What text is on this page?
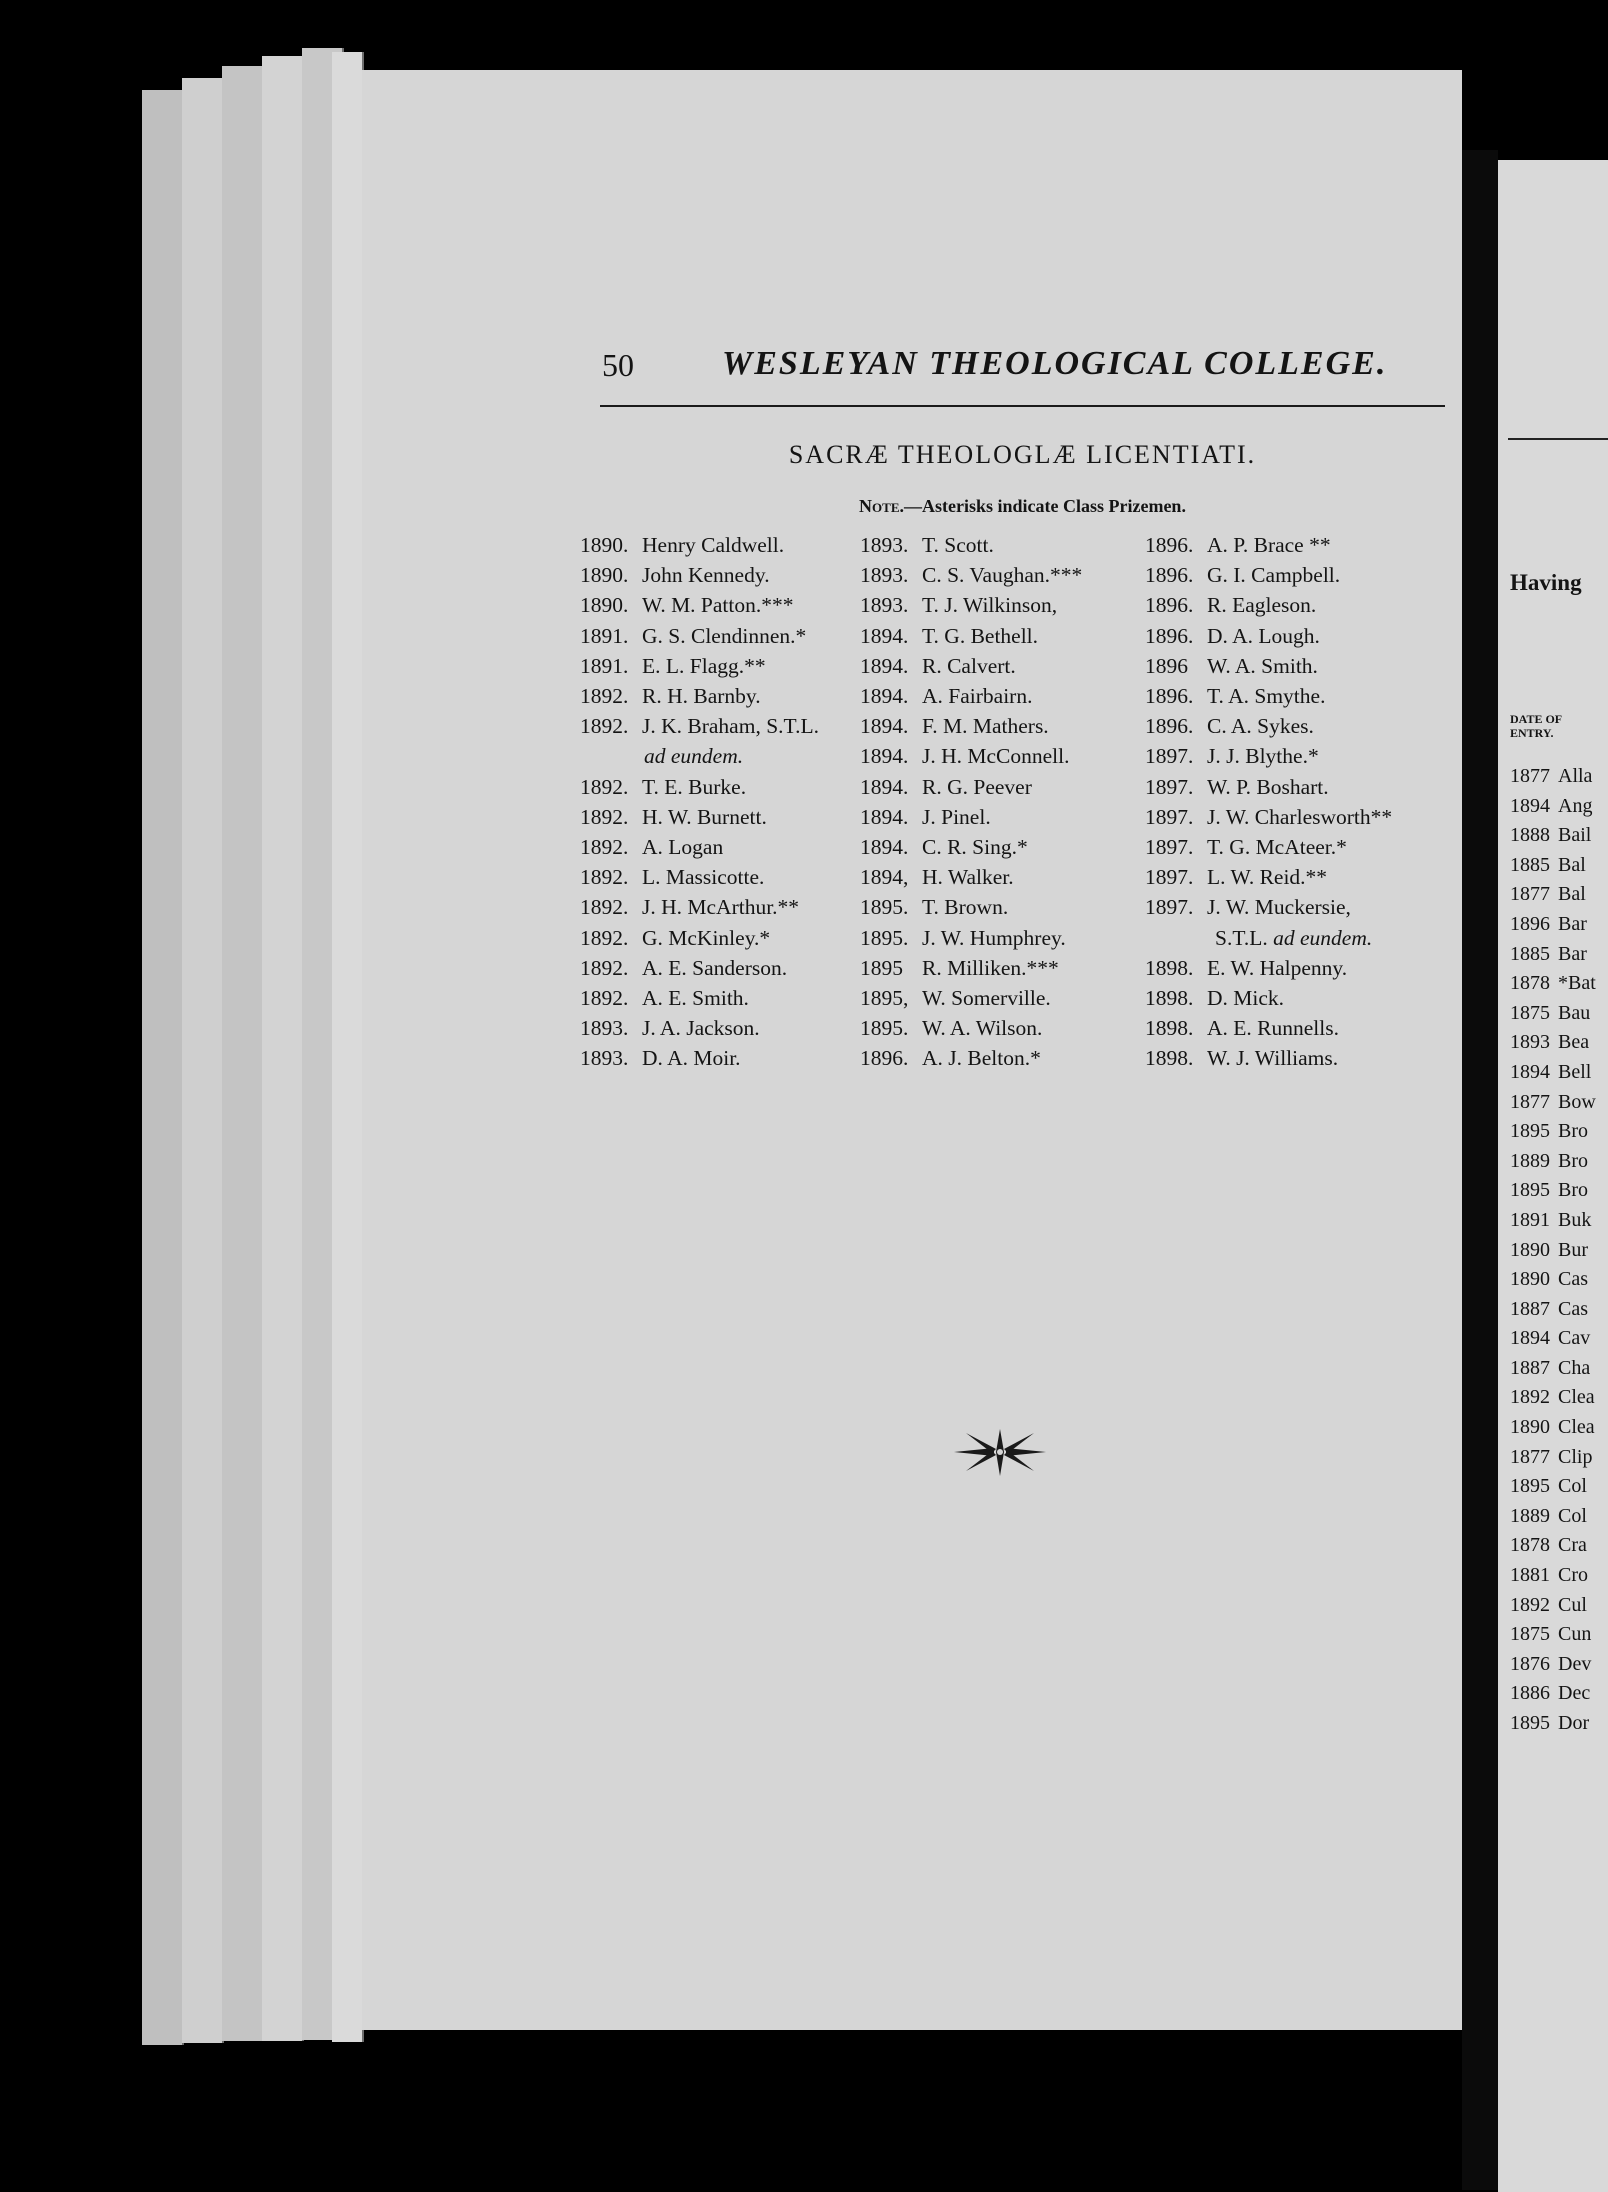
50	WESLEYAN THEOLOGICAL COLLEGE.
SACRÆ THEOLOGLÆ LICENTIATI.
Note.—Asterisks indicate Class Prizemen.
1890. Henry Caldwell.
1890. John Kennedy.
1890. W. M. Patton.***
1891. G. S. Clendinnen.*
1891. E. L. Flagg.**
1892. R. H. Barnby.
1892. J. K. Braham, S.T.L.
ad eundem.
1892. T. E. Burke.
1892. H. W. Burnett.
1892. A. Logan
1892. L. Massicotte.
1892. J. H. McArthur.**
1892. G. McKinley.*
1892. A. E. Sanderson.
1892. A. E. Smith.
1893. J. A. Jackson.
1893. D. A. Moir.
1893. T. Scott.
1893. C. S. Vaughan.***
1893. T. J. Wilkinson,
1894. T. G. Bethell.
1894. R. Calvert.
1894. A. Fairbairn.
1894. F. M. Mathers.
1894. J. H. McConnell.
1894. R. G. Peever
1894. J. Pinel.
1894. C. R. Sing.*
1894, H. Walker.
1895. T. Brown.
1895. J. W. Humphrey.
1895 R. Milliken.***
1895, W. Somerville.
1895. W. A. Wilson.
1896. A. J. Belton.*
1896. A. P. Brace **
1896. G. I. Campbell.
1896. R. Eagleson.
1896. D. A. Lough.
1896 W. A. Smith.
1896. T. A. Smythe.
1896. C. A. Sykes.
1897. J. J. Blythe.*
1897. W. P. Boshart.
1897. J. W. Charlesworth**
1897. T. G. McAteer.*
1897. L. W. Reid.**
1897. J. W. Muckersie,
S.T.L. ad eundem.
1898. E. W. Halpenny.
1898. D. Mick.
1898. A. E. Runnells.
1898. W. J. Williams.
Having
DATE OF
ENTRY.
1877 Alla
1894 Ang
1888 Bail
1885 Bal
1877 Bal
1896 Bar
1885 Bar
1878 *Bat
1875 Bau
1893 Bea
1894 Bell
1877 Bow
1895 Bro
1889 Bro
1895 Bro
1891 Buk
1890 Bur
1890 Cas
1887 Cas
1894 Cav
1887 Cha
1892 Clea
1890 Clea
1877 Clip
1895 Col
1889 Col
1878 Cra
1881 Cro
1892 Cul
1875 Cun
1876 Dev
1886 Dec
1895 Dor
